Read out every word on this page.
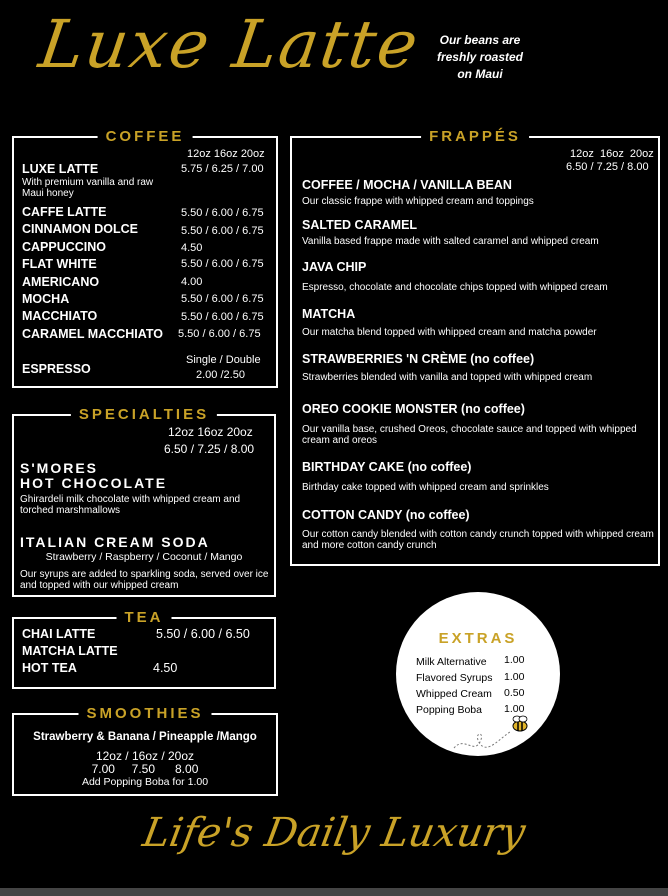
Luxe Latte	Our beans are
freshly roasted
on Maui
COFFEE
12oz 16oz 20oz
LUXE LATTE	5.75 / 6.25 / 7.00
With premium vanilla and raw Maui honey
CAFFE LATTE	5.50 / 6.00 / 6.75
CINNAMON DOLCE	5.50 / 6.00 / 6.75
CAPPUCCINO	4.50
FLAT WHITE	5.50 / 6.00 / 6.75
AMERICANO	4.00
MOCHA	5.50 / 6.00 / 6.75
MACCHIATO	5.50 / 6.00 / 6.75
CARAMEL MACCHIATO 5.50 / 6.00 / 6.75
ESPRESSO
Single / Double
2.00 /2.50
SPECIALTIES
12oz 16oz 20oz
6.50 / 7.25 / 8.00
S'MORES
HOT CHOCOLATE
Ghirardeli milk chocolate with whipped cream and torched marshmallows
ITALIAN CREAM SODA
Strawberry / Raspberry / Coconut / Mango
Our syrups are added to sparkling soda, served over ice and topped with our whipped cream
TEA
CHAI LATTE	5.50 / 6.00 / 6.50
MATCHA LATTE
HOT TEA	4.50
SMOOTHIES
Strawberry & Banana / Pineapple /Mango
12oz / 16oz / 20oz
7.00     7.50      8.00
Add Popping Boba for 1.00
FRAPPÉS
12oz  16oz  20oz
6.50 / 7.25 / 8.00
COFFEE / MOCHA / VANILLA BEAN
Our classic frappe with whipped cream and toppings
SALTED CARAMEL
Vanilla based frappe made with salted caramel and whipped cream
JAVA CHIP
Espresso, chocolate and chocolate chips topped with whipped cream
MATCHA
Our matcha blend topped with whipped cream and matcha powder
STRAWBERRIES 'N CRÈME (no coffee)
Strawberries blended with vanilla and topped with whipped cream
OREO COOKIE MONSTER (no coffee)
Our vanilla base, crushed Oreos, chocolate sauce and topped with whipped cream and oreos
BIRTHDAY CAKE (no coffee)
Birthday cake topped with whipped cream and sprinkles
COTTON CANDY (no coffee)
Our cotton candy blended with cotton candy crunch topped with whipped cream and more cotton candy crunch
EXTRAS
Milk Alternative 1.00
Flavored Syrups 1.00
Whipped Cream 0.50
Popping Boba 1.00
Life's Daily Luxury
